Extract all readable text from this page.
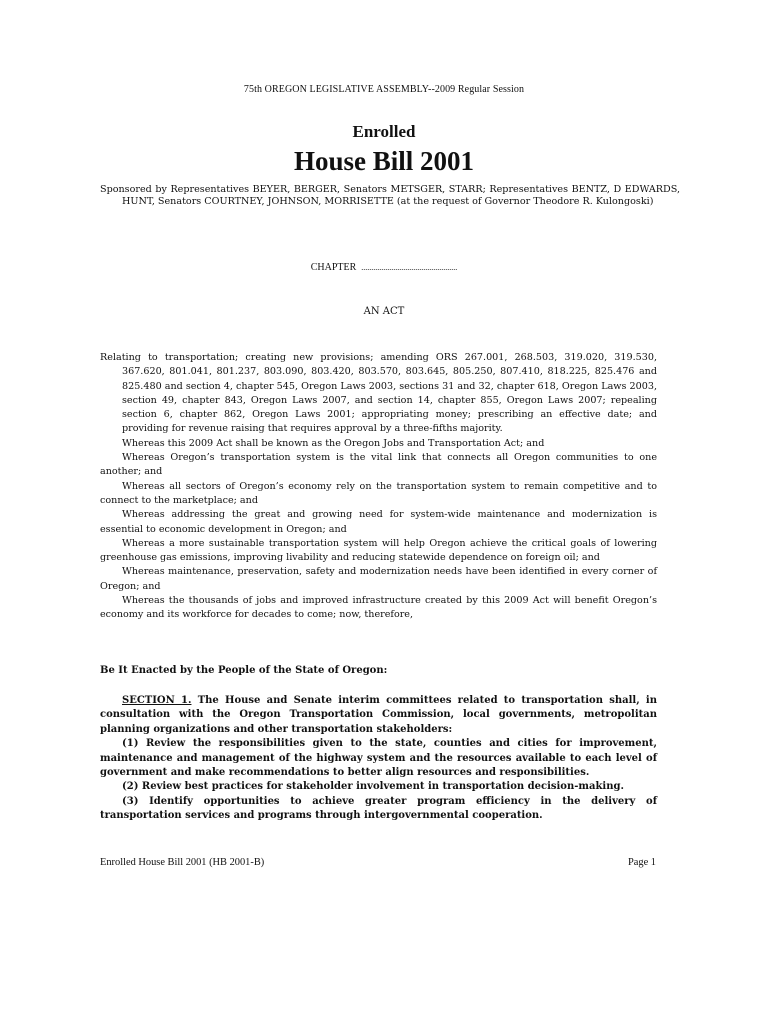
75th OREGON LEGISLATIVE ASSEMBLY--2009 Regular Session
Enrolled
House Bill 2001
Sponsored by Representatives BEYER, BERGER, Senators METSGER, STARR; Representatives BENTZ, D EDWARDS, HUNT, Senators COURTNEY, JOHNSON, MORRISETTE (at the request of Governor Theodore R. Kulongoski)
CHAPTER ................................................
AN ACT

Relating to transportation; creating new provisions; amending ORS 267.001, 268.503, 319.020, 319.530, 367.620, 801.041, 801.237, 803.090, 803.420, 803.570, 803.645, 805.250, 807.410, 818.225, 825.476 and 825.480 and section 4, chapter 545, Oregon Laws 2003, sections 31 and 32, chapter 618, Oregon Laws 2003, section 49, chapter 843, Oregon Laws 2007, and section 14, chapter 855, Oregon Laws 2007; repealing section 6, chapter 862, Oregon Laws 2001; appropriating money; prescribing an effective date; and providing for revenue raising that requires approval by a three-fifths majority.

Whereas this 2009 Act shall be known as the Oregon Jobs and Transportation Act; and

Whereas Oregon’s transportation system is the vital link that connects all Oregon communities to one another; and

Whereas all sectors of Oregon’s economy rely on the transportation system to remain competitive and to connect to the marketplace; and

Whereas addressing the great and growing need for system-wide maintenance and modernization is essential to economic development in Oregon; and

Whereas a more sustainable transportation system will help Oregon achieve the critical goals of lowering greenhouse gas emissions, improving livability and reducing statewide dependence on foreign oil; and

Whereas maintenance, preservation, safety and modernization needs have been identified in every corner of Oregon; and

Whereas the thousands of jobs and improved infrastructure created by this 2009 Act will benefit Oregon’s economy and its workforce for decades to come; now, therefore,

Be It Enacted by the People of the State of Oregon:

SECTION 1. The House and Senate interim committees related to transportation shall, in consultation with the Oregon Transportation Commission, local governments, metropolitan planning organizations and other transportation stakeholders:

(1) Review the responsibilities given to the state, counties and cities for improvement, maintenance and management of the highway system and the resources available to each level of government and make recommendations to better align resources and responsibilities.

(2) Review best practices for stakeholder involvement in transportation decision-making.

(3) Identify opportunities to achieve greater program efficiency in the delivery of transportation services and programs through intergovernmental cooperation.

Enrolled House Bill 2001 (HB 2001-B)	Page 1
